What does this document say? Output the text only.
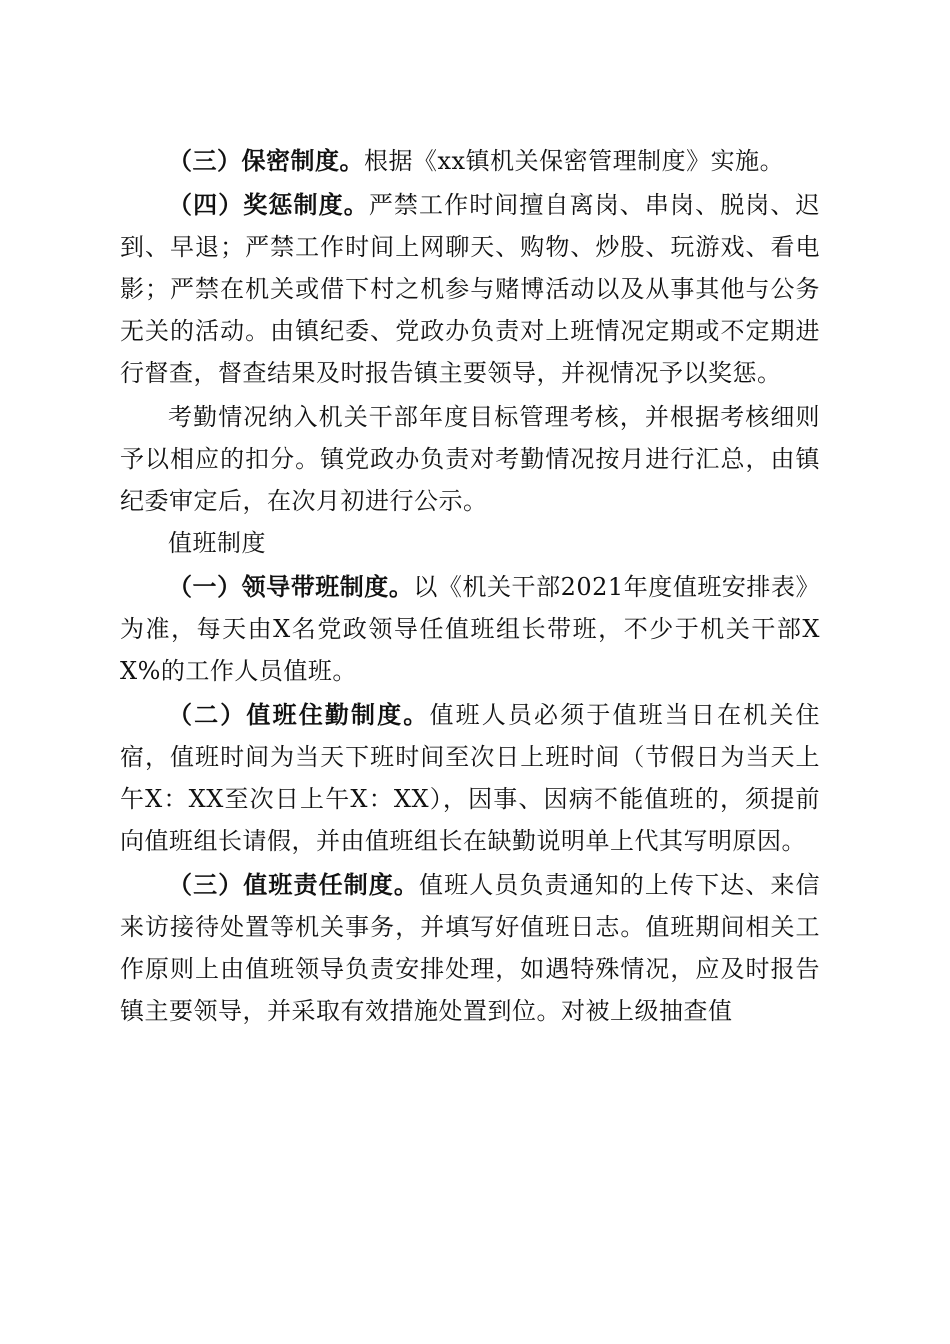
（三）保密制度。根据《xx镇机关保密管理制度》实施。

（四）奖惩制度。严禁工作时间擅自离岗、串岗、脱岗、迟到、早退；严禁工作时间上网聊天、购物、炒股、玩游戏、看电影；严禁在机关或借下村之机参与赌博活动以及从事其他与公务无关的活动。由镇纪委、党政办负责对上班情况定期或不定期进行督查，督查结果及时报告镇主要领导，并视情况予以奖惩。

考勤情况纳入机关干部年度目标管理考核，并根据考核细则予以相应的扣分。镇党政办负责对考勤情况按月进行汇总，由镇纪委审定后，在次月初进行公示。

值班制度

（一）领导带班制度。以《机关干部2021年度值班安排表》为准，每天由X名党政领导任值班组长带班，不少于机关干部XX%的工作人员值班。

（二）值班住勤制度。值班人员必须于值班当日在机关住宿，值班时间为当天下班时间至次日上班时间（节假日为当天上午X：XX至次日上午X：XX），因事、因病不能值班的，须提前向值班组长请假，并由值班组长在缺勤说明单上代其写明原因。

（三）值班责任制度。值班人员负责通知的上传下达、来信来访接待处置等机关事务，并填写好值班日志。值班期间相关工作原则上由值班领导负责安排处理，如遇特殊情况，应及时报告镇主要领导，并采取有效措施处置到位。对被上级抽查值
